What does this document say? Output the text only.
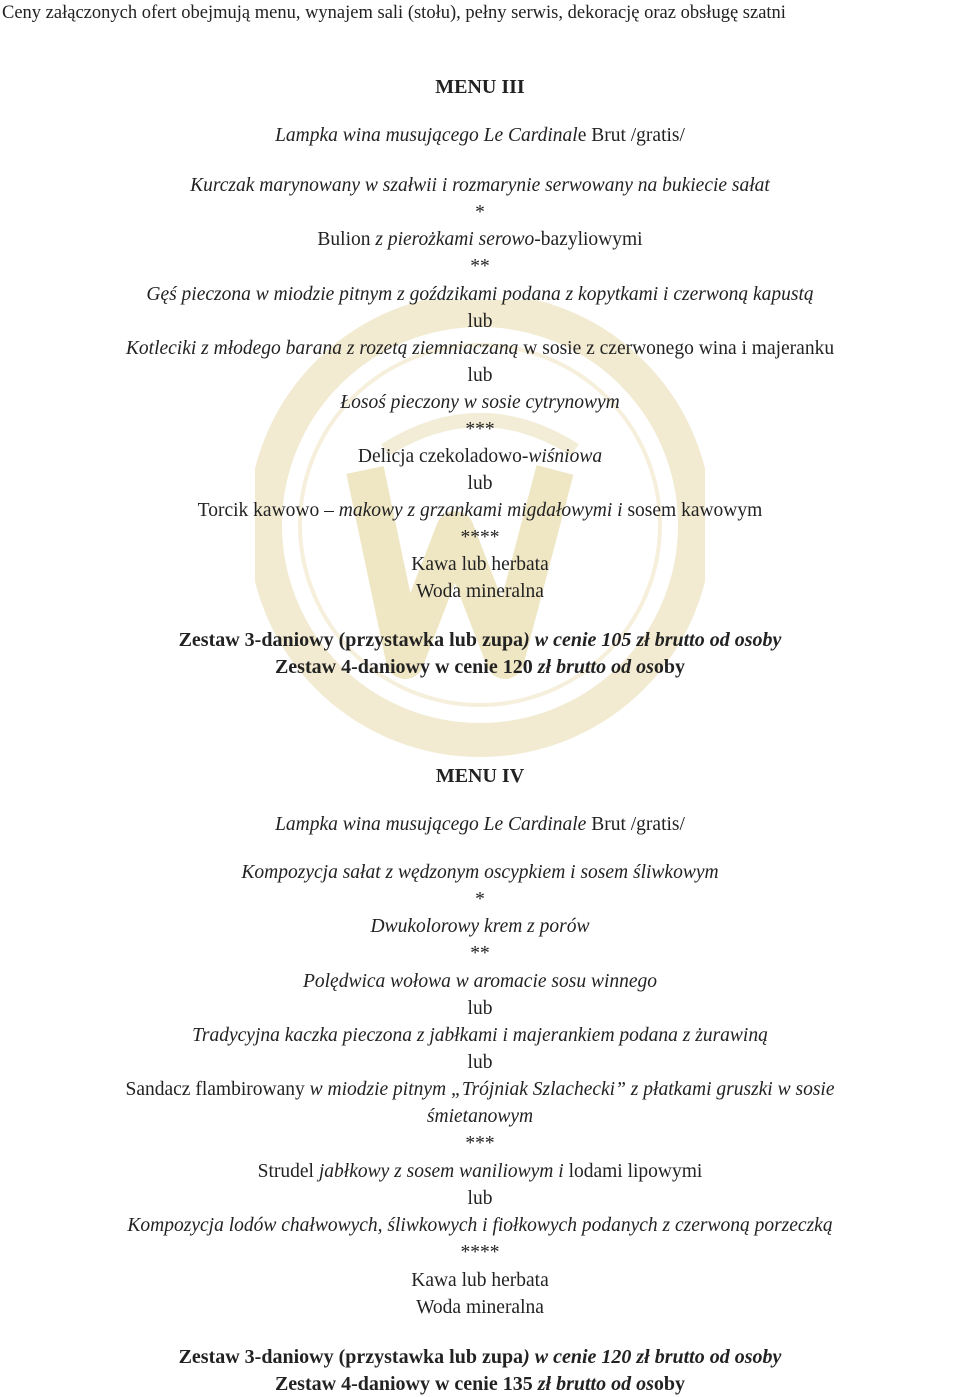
Ceny załączonych ofert obejmują menu, wynajem sali (stołu), pełny serwis, dekorację oraz obsługę szatni
MENU III
Lampka wina musującego Le Cardinale Brut /gratis/
Kurczak marynowany w szałwii i rozmarynie serwowany na bukiecie sałat
*
Bulion z pierożkami serowo-bazyliowymi
**
Gęś pieczona w miodzie pitnym z goździkami podana z kopytkami i czerwoną kapustą
lub
Kotleciki z młodego barana z rozetą ziemniaczaną w sosie z czerwonego wina i majeranku
lub
Łosoś pieczony w sosie cytrynowym
***
Delicja czekoladowo-wiśniowa
lub
Torcik kawowo – makowy z grzankami migdałowymi i sosem kawowym
****
Kawa lub herbata
Woda mineralna
Zestaw 3-daniowy (przystawka lub zupa) w cenie 105 zł brutto od osoby
Zestaw 4-daniowy w cenie 120 zł brutto od osoby
MENU IV
Lampka wina musującego Le Cardinale Brut /gratis/
Kompozycja sałat z wędzonym oscypkiem i sosem śliwkowym
*
Dwukolorowy krem z porów
**
Polędwica wołowa w aromacie sosu winnego
lub
Tradycyjna kaczka pieczona z jabłkami i majerankiem podana z żurawiną
lub
Sandacz flambirowany w miodzie pitnym „Trójniak Szlachecki” z płatkami gruszki w sosie
śmietanowym
***
Strudel jabłkowy z sosem waniliowym i lodami lipowymi
lub
Kompozycja lodów chałwowych, śliwkowych i fiołkowych podanych z czerwoną porzeczką
****
Kawa lub herbata
Woda mineralna
Zestaw 3-daniowy (przystawka lub zupa) w cenie 120 zł brutto od osoby
Zestaw 4-daniowy w cenie 135 zł brutto od osoby
